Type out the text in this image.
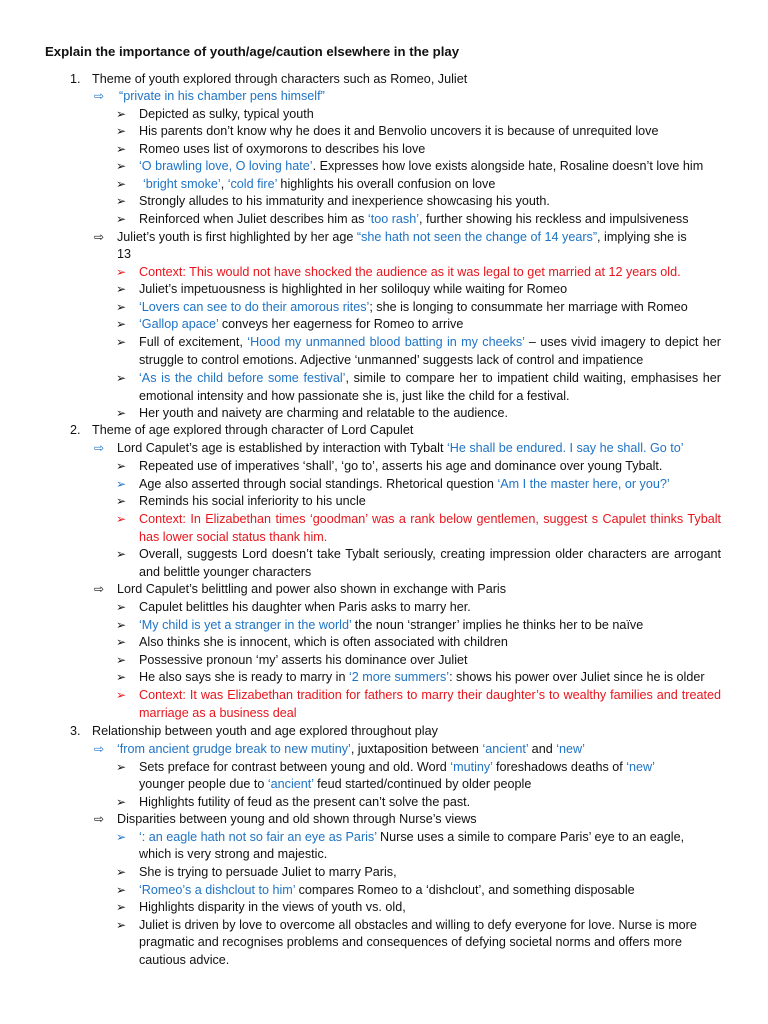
Explain the importance of youth/age/caution elsewhere in the play
1. Theme of youth explored through characters such as Romeo, Juliet
⇨ “private in his chamber pens himself”
➢ Depicted as sulky, typical youth
➢ His parents don’t know why he does it and Benvolio uncovers it is because of unrequited love
➢ Romeo uses list of oxymorons to describes his love
➢ ‘O brawling love, O loving hate’. Expresses how love exists alongside hate, Rosaline doesn’t love him
➢ ‘bright smoke’, ‘cold fire’ highlights his overall confusion on love
➢ Strongly alludes to his immaturity and inexperience showcasing his youth.
➢ Reinforced when Juliet describes him as ‘too rash’, further showing his reckless and impulsiveness
⇨ Juliet’s youth is first highlighted by her age “she hath not seen the change of 14 years”, implying she is
13
➢ Context: This would not have shocked the audience as it was legal to get married at 12 years old.
➢ Juliet’s impetuousness is highlighted in her soliloquy while waiting for Romeo
➢ ‘Lovers can see to do their amorous rites’; she is longing to consummate her marriage with Romeo
➢ ‘Gallop apace’ conveys her eagerness for Romeo to arrive
➢ Full of excitement, ‘Hood my unmanned blood batting in my cheeks’ – uses vivid imagery to depict her struggle to control emotions. Adjective ‘unmanned’ suggests lack of control and impatience
➢ ‘As is the child before some festival’, simile to compare her to impatient child waiting, emphasises her emotional intensity and how passionate she is, just like the child for a festival.
➢ Her youth and naivety are charming and relatable to the audience.
2. Theme of age explored through character of Lord Capulet
⇨ Lord Capulet’s age is established by interaction with Tybalt ‘He shall be endured. I say he shall. Go to’
➢ Repeated use of imperatives ‘shall’, ‘go to’, asserts his age and dominance over young Tybalt.
➢ Age also asserted through social standings. Rhetorical question ‘Am I the master here, or you?’
➢ Reminds his social inferiority to his uncle
➢ Context: In Elizabethan times ‘goodman’ was a rank below gentlemen, suggest s Capulet thinks Tybalt has lower social status thank him.
➢ Overall, suggests Lord doesn’t take Tybalt seriously, creating impression older characters are arrogant and belittle younger characters
⇨ Lord Capulet’s belittling and power also shown in exchange with Paris
➢ Capulet belittles his daughter when Paris asks to marry her.
➢ ‘My child is yet a stranger in the world’ the noun ‘stranger’ implies he thinks her to be naïve
➢ Also thinks she is innocent, which is often associated with children
➢ Possessive pronoun ‘my’ asserts his dominance over Juliet
➢ He also says she is ready to marry in ‘2 more summers’: shows his power over Juliet since he is older
➢ Context: It was Elizabethan tradition for fathers to marry their daughter’s to wealthy families and treated marriage as a business deal
3. Relationship between youth and age explored throughout play
⇨ ‘from ancient grudge break to new mutiny’, juxtaposition between ‘ancient’ and ‘new’
➢ Sets preface for contrast between young and old. Word ‘mutiny’ foreshadows deaths of ‘new’
younger people due to ‘ancient’ feud started/continued by older people
➢ Highlights futility of feud as the present can’t solve the past.
⇨ Disparities between young and old shown through Nurse’s views
➢ ‘: an eagle hath not so fair an eye as Paris’ Nurse uses a simile to compare Paris’ eye to an eagle,
which is very strong and majestic.
➢ She is trying to persuade Juliet to marry Paris,
➢ ‘Romeo’s a dishclout to him’ compares Romeo to a ‘dishclout’, and something disposable
➢ Highlights disparity in the views of youth vs. old,
➢ Juliet is driven by love to overcome all obstacles and willing to defy everyone for love. Nurse is more
pragmatic and recognises problems and consequences of defying societal norms and offers more
cautious advice.
